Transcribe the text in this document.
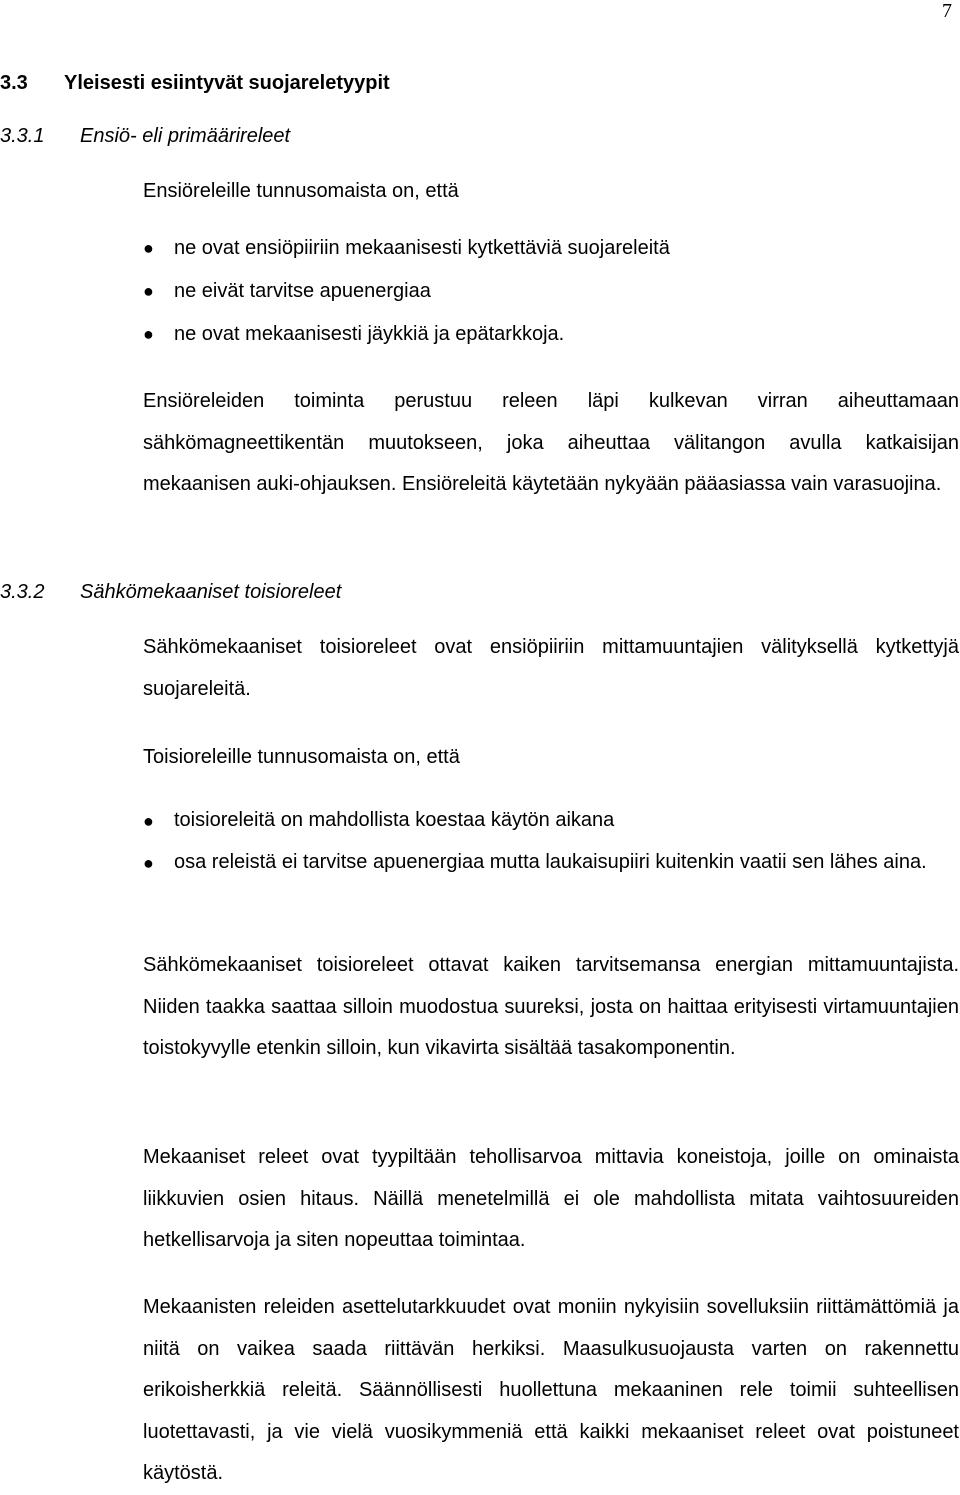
7
3.3 Yleisesti esiintyvät suojareletyypit
3.3.1 Ensiö- eli primäärireleet

Ensiöreleille tunnusomaista on, että

● ne ovat ensiöpiiriin mekaanisesti kytkettäviä suojareleitä
● ne eivät tarvitse apuenergiaa
● ne ovat mekaanisesti jäykkiä ja epätarkkoja.

Ensiöreleiden toiminta perustuu releen läpi kulkevan virran aiheuttamaan sähkömagneettikentän muutokseen, joka aiheuttaa välitangon avulla katkaisijan mekaanisen auki-ohjauksen. Ensiöreleitä käytetään nykyään pääasiassa vain varasuojina.

3.3.2 Sähkömekaaniset toisioreleet

Sähkömekaaniset toisioreleet ovat ensiöpiiriin mittamuuntajien välityksellä kytkettyjä suojareleitä.

Toisioreleille tunnusomaista on, että

● toisioreleitä on mahdollista koestaa käytön aikana
● osa releistä ei tarvitse apuenergiaa mutta laukaisupiiri kuitenkin vaatii sen lähes aina.

Sähkömekaaniset toisioreleet ottavat kaiken tarvitsemansa energian mittamuuntajista. Niiden taakka saattaa silloin muodostua suureksi, josta on haittaa erityisesti virtamuuntajien toistokyvylle etenkin silloin, kun vikavirta sisältää tasakomponentin.

Mekaaniset releet ovat tyypiltään tehollisarvoa mittavia koneistoja, joille on ominaista liikkuvien osien hitaus. Näillä menetelmillä ei ole mahdollista mitata vaihtosuureiden hetkellisarvoja ja siten nopeuttaa toimintaa.

Mekaanisten releiden asettelutarkkuudet ovat moniin nykyisiin sovelluksiin riittämättömiä ja niitä on vaikea saada riittävän herkiksi. Maasulkusuojausta varten on rakennettu erikoisherkkiä releitä. Säännöllisesti huollettuna mekaaninen rele toimii suhteellisen luotettavasti, ja vie vielä vuosikymmeniä että kaikki mekaaniset releet ovat poistuneet käytöstä.
